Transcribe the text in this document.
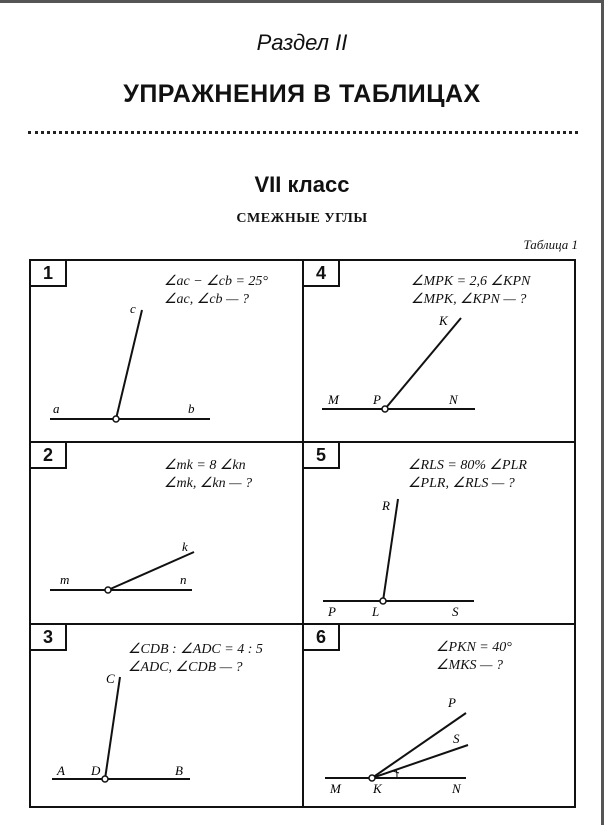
Раздел II
УПРАЖНЕНИЯ В ТАБЛИЦАХ
VII класс
СМЕЖНЫЕ УГЛЫ
Таблица 1
1	∠ac − ∠cb = 25°
∠ac, ∠cb — ?
a	b
c
2
∠mk = 8 ∠kn
∠mk, ∠kn — ?
m	n
k
3
∠CDB : ∠ADC = 4 : 5
∠ADC, ∠CDB — ?
A D	B
C
4	∠MPK = 2,6 ∠KPN
∠MPK, ∠KPN — ?
M	P	N
K
5
∠RLS = 80% ∠PLR
∠PLR, ∠RLS — ?
P	L	S
R
6
∠PKN = 40°
∠MKS — ?
M K	N
P
S
